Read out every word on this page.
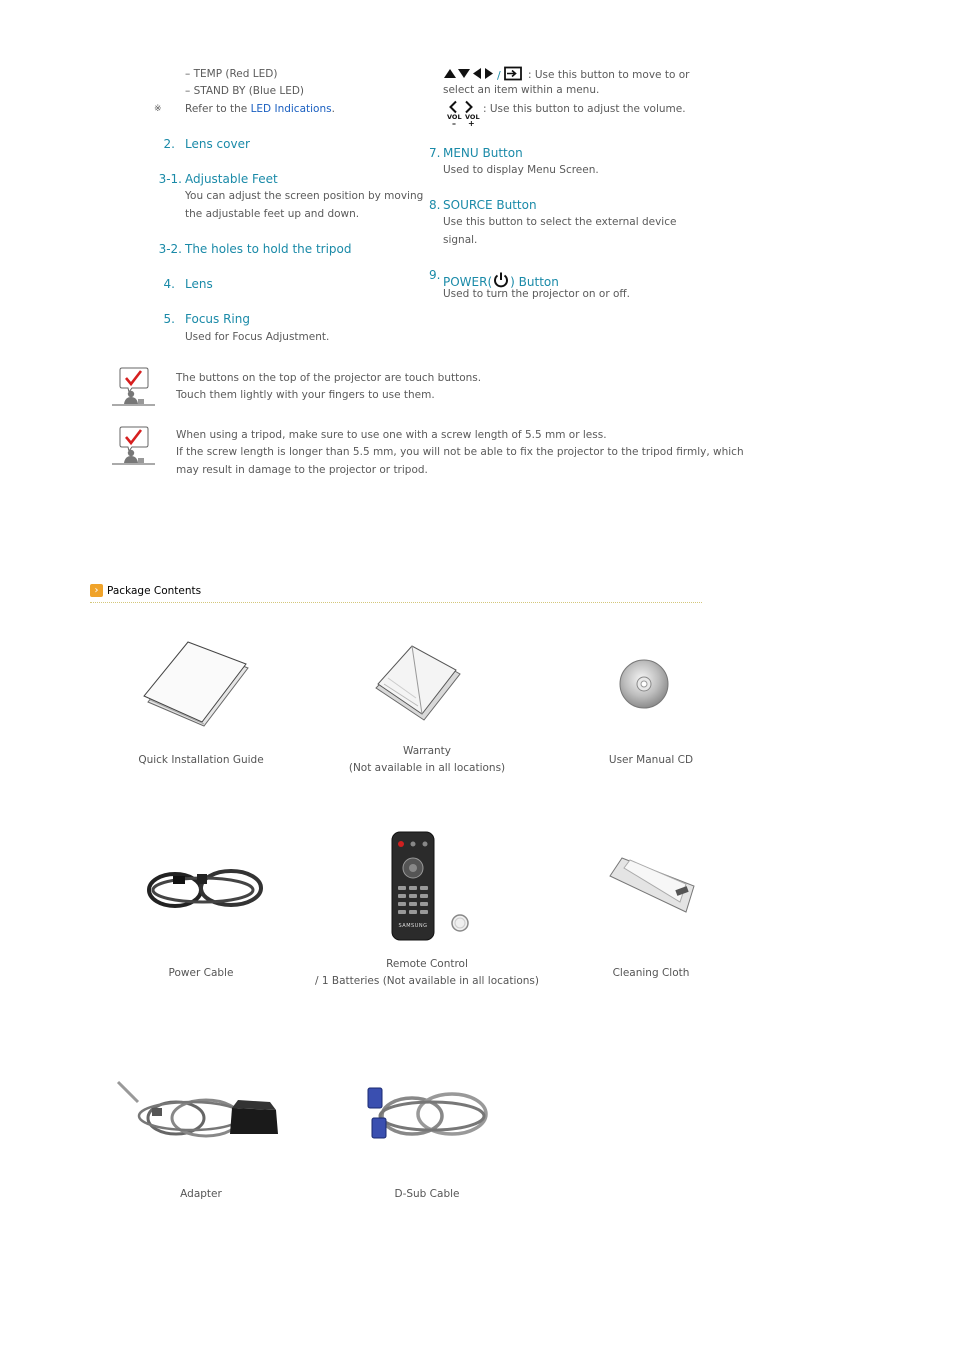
– TEMP (Red LED)
– STAND BY (Blue LED)
※ Refer to the LED Indications.
2. Lens cover
3-1. Adjustable Feet
You can adjust the screen position by moving
the adjustable feet up and down.
3-2. The holes to hold the tripod
4. Lens
5. Focus Ring
Used for Focus Adjustment.
/	: Use this button to move to or
select an item within a menu.
VOL VOL
– +
: Use this button to adjust the volume.
7. MENU Button
Used to display Menu Screen.
8. SOURCE Button
Use this button to select the external device
signal.
9. POWER( ) Button
Used to turn the projector on or off.
The buttons on the top of the projector are touch buttons.
Touch them lightly with your fingers to use them.
When using a tripod, make sure to use one with a screw length of 5.5 mm or less.
If the screw length is longer than 5.5 mm, you will not be able to fix the projector to the tripod firmly, which
may result in damage to the projector or tripod.
› Package Contents
Quick Installation Guide
Warranty
(Not available in all locations)
User Manual CD
Power Cable
SAMSUNG
Remote Control
/ 1 Batteries (Not available in all locations)
Cleaning Cloth
Adapter	D-Sub Cable
